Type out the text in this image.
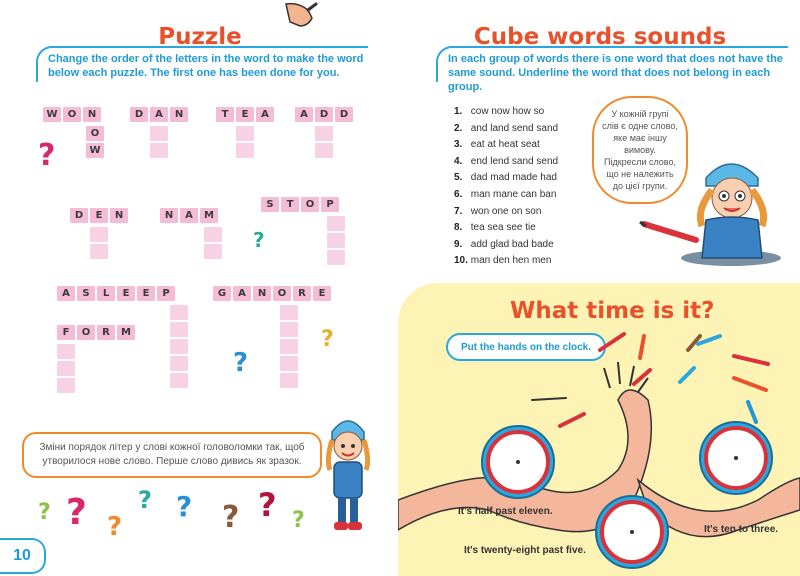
Puzzle
Change the order of the letters in the word to make the word below each puzzle. The first one has been done for you.
W	O	N
O
W
D	A	N	T	E	A	A	D	D
D	E	N	N	A	M
S	T	O	P
A	S	L	E	E	P	G	A	N	O	R	E
F	O	R	M
?
?
?
?
Зміни порядок літер у слові кожної головоломки так, щоб утворилося нове слово. Перше слово дивись як зразок.
? ? ?
? ? ? ? ?
10
Cube words sounds
In each group of words there is one word that does not have the same sound. Underline the word that does not belong in each group.
1. cow now how so
2. and land send sand
3. eat at heat seat
4. end lend sand send
5. dad mad made had
6. man mane can ban
7. won one on son
8. tea sea see tie
9. add glad bad bade
10. man den hen men
У кожній групі слів є одне слово, яке має іншу вимову. Підкресли слово, що не належить до цієї групи.
What time is it?
Put the hands on the clock.
It's half past eleven.
It's twenty-eight past five.
It's ten to three.
